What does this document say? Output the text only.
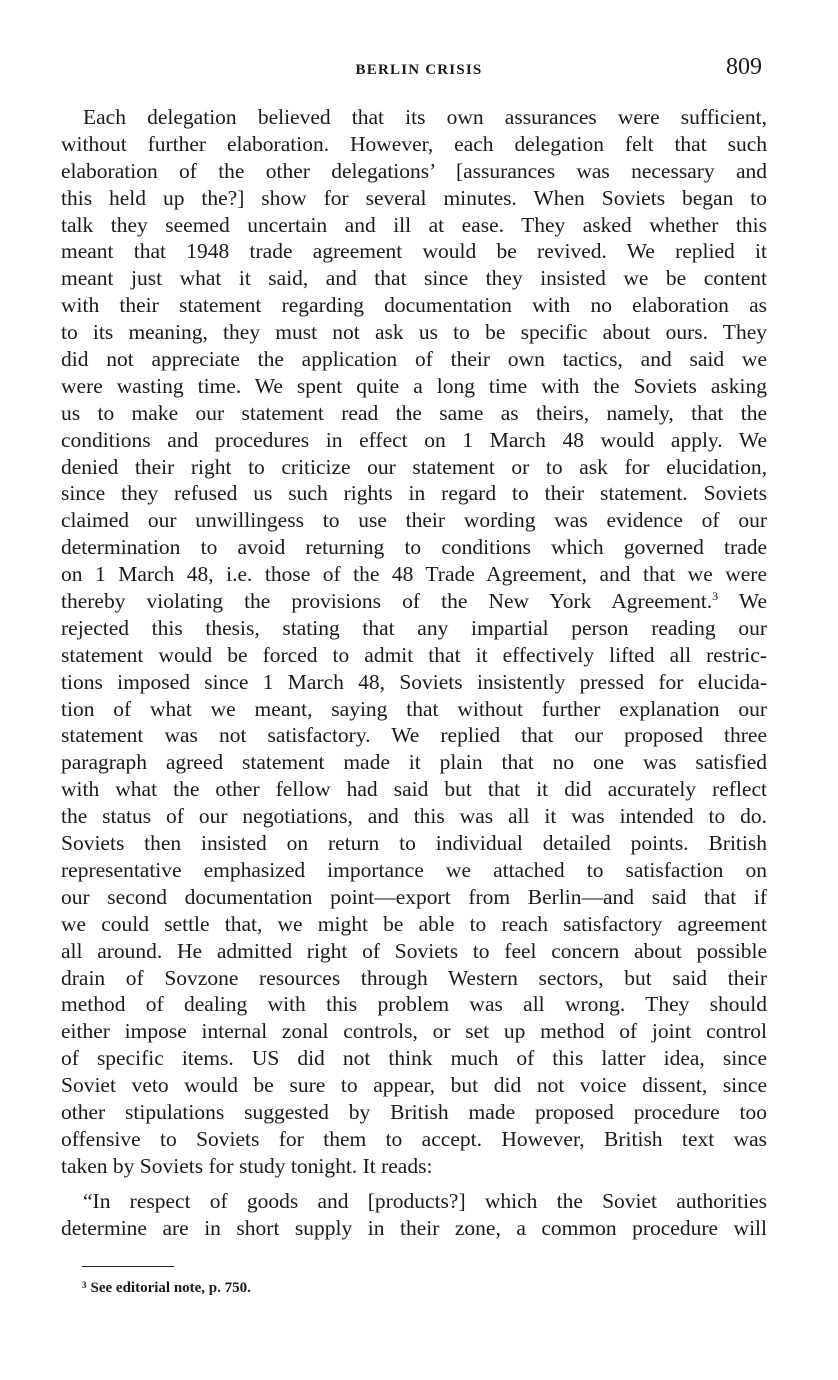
BERLIN CRISIS	809
Each delegation believed that its own assurances were sufficient,
without further elaboration. However, each delegation felt that such
elaboration of the other delegations’ [assurances was necessary and
this held up the?] show for several minutes. When Soviets began to
talk they seemed uncertain and ill at ease. They asked whether this
meant that 1948 trade agreement would be revived. We replied it
meant just what it said, and that since they insisted we be content
with their statement regarding documentation with no elaboration as
to its meaning, they must not ask us to be specific about ours. They
did not appreciate the application of their own tactics, and said we
were wasting time. We spent quite a long time with the Soviets asking
us to make our statement read the same as theirs, namely, that the
conditions and procedures in effect on 1 March 48 would apply. We
denied their right to criticize our statement or to ask for elucidation,
since they refused us such rights in regard to their statement. Soviets
claimed our unwillingess to use their wording was evidence of our
determination to avoid returning to conditions which governed trade
on 1 March 48, i.e. those of the 48 Trade Agreement, and that we were
thereby violating the provisions of the New York Agreement.$^3$ We
rejected this thesis, stating that any impartial person reading our
statement would be forced to admit that it effectively lifted all restric-
tions imposed since 1 March 48, Soviets insistently pressed for elucida-
tion of what we meant, saying that without further explanation our
statement was not satisfactory. We replied that our proposed three
paragraph agreed statement made it plain that no one was satisfied
with what the other fellow had said but that it did accurately reflect
the status of our negotiations, and this was all it was intended to do.
Soviets then insisted on return to individual detailed points. British
representative emphasized importance we attached to satisfaction on
our second documentation point—export from Berlin—and said that if
we could settle that, we might be able to reach satisfactory agreement
all around. He admitted right of Soviets to feel concern about possible
drain of Sovzone resources through Western sectors, but said their
method of dealing with this problem was all wrong. They should
either impose internal zonal controls, or set up method of joint control
of specific items. US did not think much of this latter idea, since
Soviet veto would be sure to appear, but did not voice dissent, since
other stipulations suggested by British made proposed procedure too
offensive to Soviets for them to accept. However, British text was
taken by Soviets for study tonight. It reads:
“In respect of goods and [products?] which the Soviet authorities
determine are in short supply in their zone, a common procedure will
$^3$ See editorial note, p. 750.
